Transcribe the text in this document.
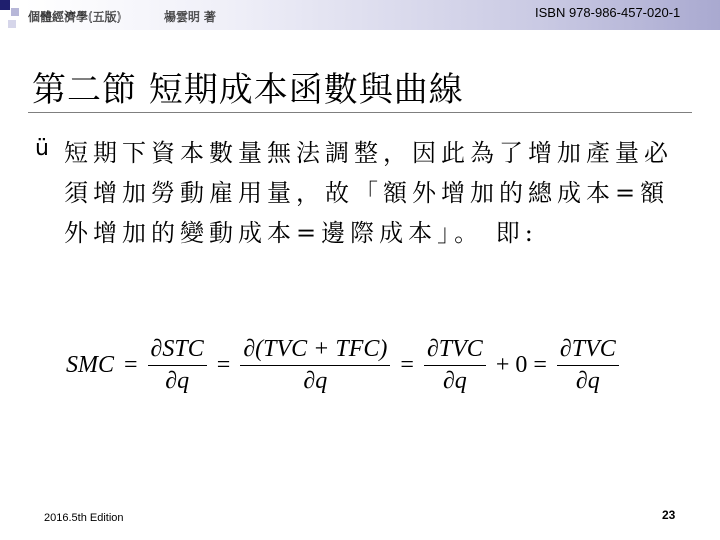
個體經濟學(五版)	楊雲明 著	ISBN 978-986-457-020-1
第二節 短期成本函數與曲線
ü 短期下資本數量無法調整，因此為了增加產量必須增加勞動雇用量，故「額外增加的總成本=額外增加的變動成本=邊際成本」。 即:
SMC = $\frac{\text{∂STC}}{\partial q} = \frac{\text{∂(TVC + TFC)}}{\partial q} = \frac{\text{∂TVC}}{\partial q} + 0 = \frac{\text{∂TVC}}{\partial q}$
2016.5th Edition	23
